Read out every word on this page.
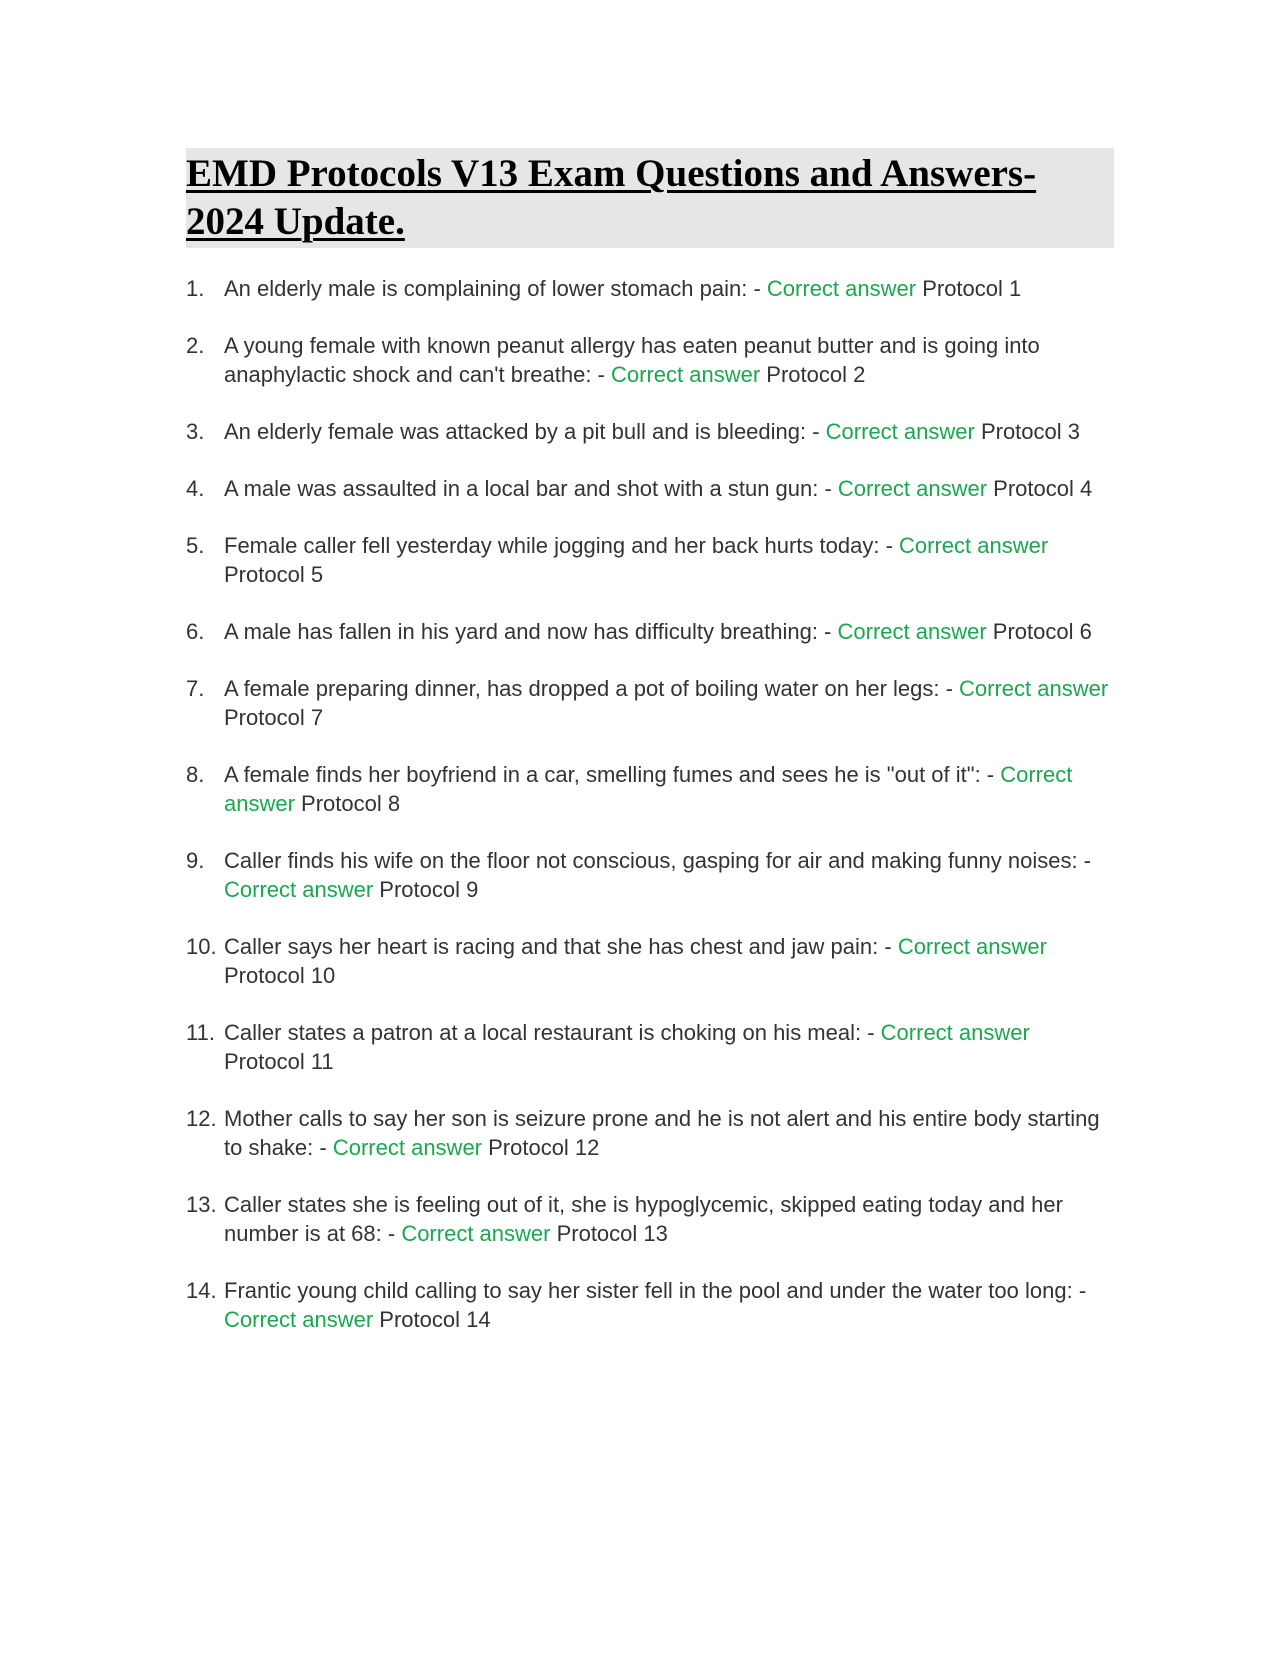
EMD Protocols V13 Exam Questions and Answers- 2024 Update.
1. An elderly male is complaining of lower stomach pain: - Correct answer Protocol 1
2. A young female with known peanut allergy has eaten peanut butter and is going into anaphylactic shock and can't breathe: - Correct answer Protocol 2
3. An elderly female was attacked by a pit bull and is bleeding: - Correct answer Protocol 3
4. A male was assaulted in a local bar and shot with a stun gun: - Correct answer Protocol 4
5. Female caller fell yesterday while jogging and her back hurts today: - Correct answer Protocol 5
6. A male has fallen in his yard and now has difficulty breathing: - Correct answer Protocol 6
7. A female preparing dinner, has dropped a pot of boiling water on her legs: - Correct answer Protocol 7
8. A female finds her boyfriend in a car, smelling fumes and sees he is "out of it": - Correct answer Protocol 8
9. Caller finds his wife on the floor not conscious, gasping for air and making funny noises: - Correct answer Protocol 9
10. Caller says her heart is racing and that she has chest and jaw pain: - Correct answer Protocol 10
11. Caller states a patron at a local restaurant is choking on his meal: - Correct answer Protocol 11
12. Mother calls to say her son is seizure prone and he is not alert and his entire body starting to shake: - Correct answer Protocol 12
13. Caller states she is feeling out of it, she is hypoglycemic, skipped eating today and her number is at 68: - Correct answer Protocol 13
14. Frantic young child calling to say her sister fell in the pool and under the water too long: - Correct answer Protocol 14
